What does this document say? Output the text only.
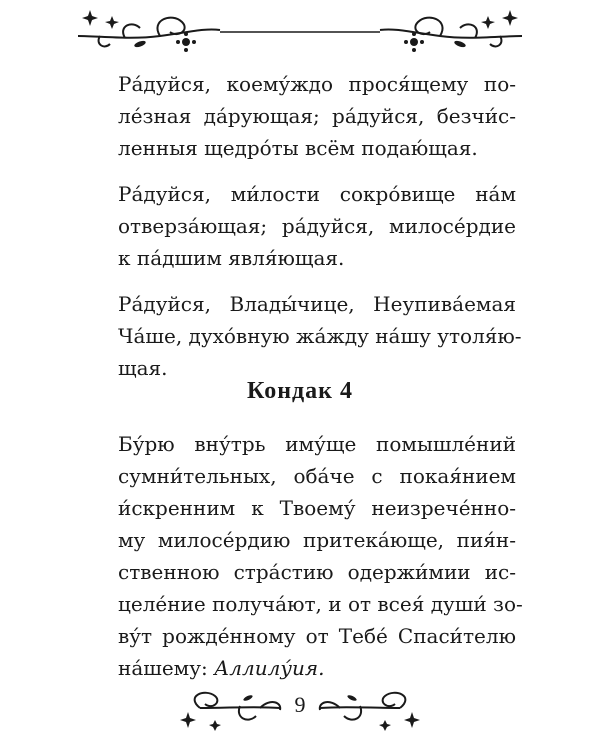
Ра́дуйся, коему́ждо прося́щему по-
ле́зная да́рующая; ра́дуйся, безчи́с-
ленныя щедро́ты всём подаю́щая.

Ра́дуйся, ми́лости сокро́вище на́м
отверза́ющая; ра́дуйся, милосе́рдие
к па́дшим явля́ющая.

Ра́дуйся, Влады́чице, Неупива́емая
Ча́ше, духо́вную жа́жду на́шу утоля́ю-
щая.

Кондак 4

Бу́рю вну́трь иму́ще помышле́ний
сумни́тельных, оба́че с покая́нием
и́скренним к Твоему́ неизрече́нно-
му милосе́рдию притека́юще, пия́н-
ственною стра́стию одержи́мии ис-
целе́ние получа́ют, и от всея́ души́ зо-
ву́т рожде́нному от Тебе́ Спаси́телю
на́шему: Аллилу́ия.

9
